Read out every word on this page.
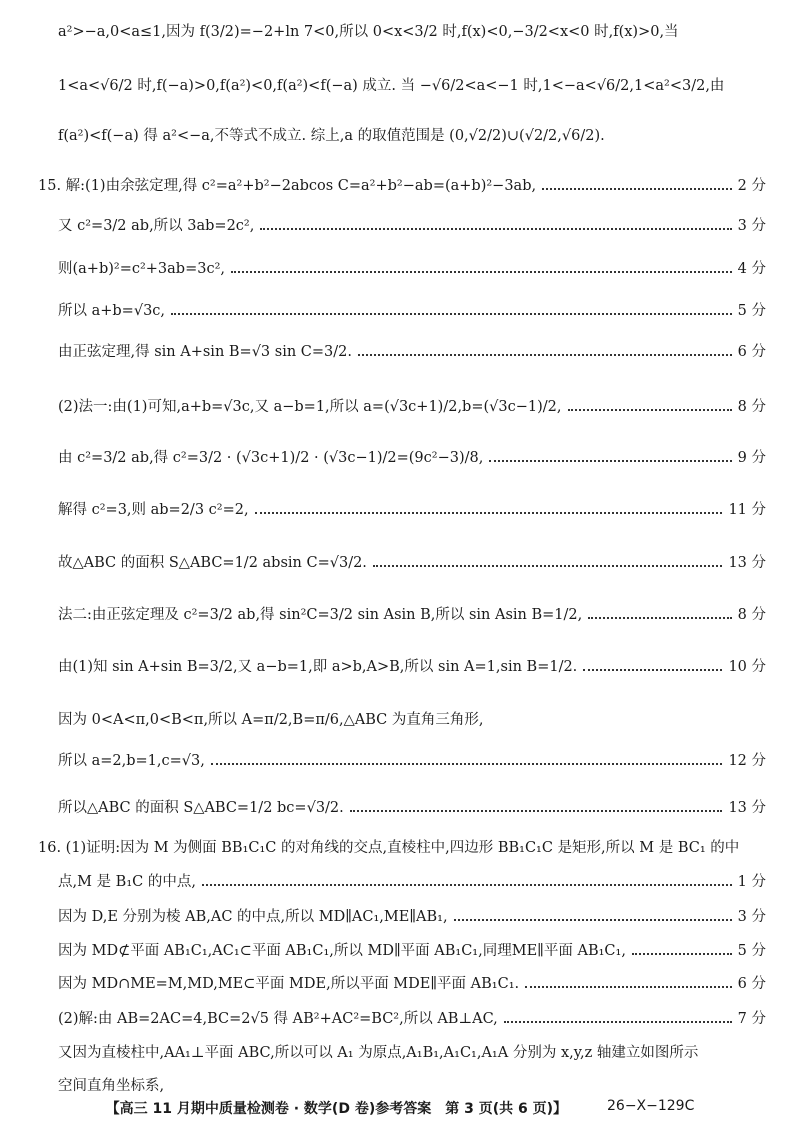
a²>−a,0<a≤1,因为 f(3/2)=−2+ln 7<0,所以 0<x<3/2 时,f(x)<0,−3/2<x<0 时,f(x)>0,当
1<a<√6/2 时,f(−a)>0,f(a²)<0,f(a²)<f(−a) 成立. 当 −√6/2<a<−1 时,1<−a<√6/2,1<a²<3/2,由
f(a²)<f(−a) 得 a²<−a,不等式不成立. 综上,a 的取值范围是 (0,√2/2)∪(√2/2,√6/2).
15. 解:(1)由余弦定理,得 c²=a²+b²−2abcos C=a²+b²−ab=(a+b)²−3ab,	2 分
又 c²=3/2 ab,所以 3ab=2c²,	3 分
则(a+b)²=c²+3ab=3c²,	4 分
所以 a+b=√3c,	5 分
由正弦定理,得 sin A+sin B=√3 sin C=3/2.	6 分
(2)法一:由(1)可知,a+b=√3c,又 a−b=1,所以 a=(√3c+1)/2,b=(√3c−1)/2,	8 分
由 c²=3/2 ab,得 c²=3/2 · (√3c+1)/2 · (√3c−1)/2=(9c²−3)/8,	9 分
解得 c²=3,则 ab=2/3 c²=2,	11 分
故△ABC 的面积 S△ABC=1/2 absin C=√3/2.	13 分
法二:由正弦定理及 c²=3/2 ab,得 sin²C=3/2 sin Asin B,所以 sin Asin B=1/2,	8 分
由(1)知 sin A+sin B=3/2,又 a−b=1,即 a>b,A>B,所以 sin A=1,sin B=1/2.	10 分
因为 0<A<π,0<B<π,所以 A=π/2,B=π/6,△ABC 为直角三角形,
所以 a=2,b=1,c=√3,	12 分
所以△ABC 的面积 S△ABC=1/2 bc=√3/2.	13 分
16. (1)证明:因为 M 为侧面 BB₁C₁C 的对角线的交点,直棱柱中,四边形 BB₁C₁C 是矩形,所以 M 是 BC₁ 的中
点,M 是 B₁C 的中点,	1 分
因为 D,E 分别为棱 AB,AC 的中点,所以 MD∥AC₁,ME∥AB₁,	3 分
因为 MD⊄平面 AB₁C₁,AC₁⊂平面 AB₁C₁,所以 MD∥平面 AB₁C₁,同理ME∥平面 AB₁C₁,	5 分
因为 MD∩ME=M,MD,ME⊂平面 MDE,所以平面 MDE∥平面 AB₁C₁.	6 分
(2)解:由 AB=2AC=4,BC=2√5 得 AB²+AC²=BC²,所以 AB⊥AC,	7 分
又因为直棱柱中,AA₁⊥平面 ABC,所以可以 A₁ 为原点,A₁B₁,A₁C₁,A₁A 分别为 x,y,z 轴建立如图所示
空间直角坐标系,
【高三 11 月期中质量检测卷 · 数学(D 卷)参考答案　第 3 页(共 6 页)】	26−X−129C
